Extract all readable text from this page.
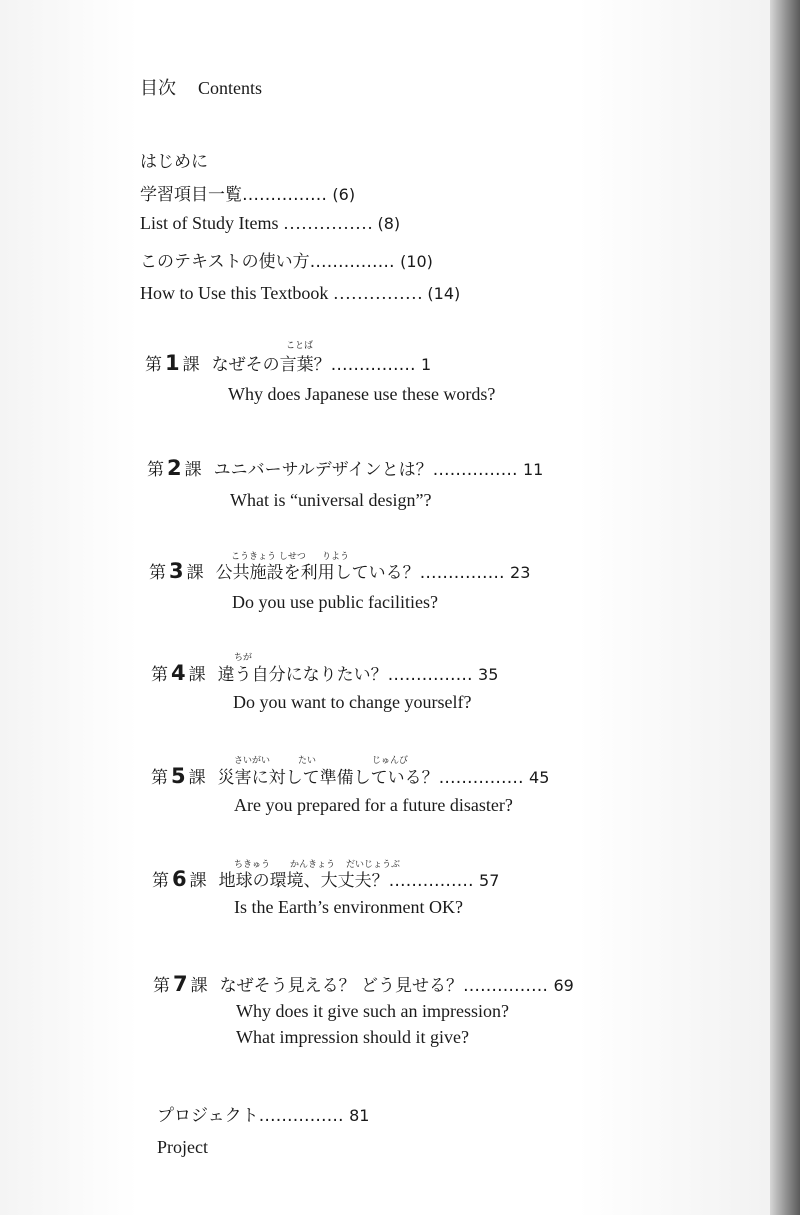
目次 Contents
はじめに
学習項目一覧…………… (6)
List of Study Items …………… (8)
このテキストの使い方…………… (10)
How to Use this Textbook …………… (14)
ことば
第 1 課 なぜその言葉？…………… 1
Why does Japanese use these words?
第 2 課 ユニバーサルデザインとは？…………… 11
What is “universal design”?
こうきょう しせつ りよう
第 3 課 公共施設を利用している？…………… 23
Do you use public facilities?
ちが
第 4 課 違う自分になりたい？…………… 35
Do you want to change yourself?
さいがい	たい	じゅんび
第 5 課 災害に対して準備している？…………… 45
Are you prepared for a future disaster?
ちきゅう かんきょう だいじょうぶ
第 6 課 地球の環境、大丈夫？…………… 57
Is the Earth’s environment OK?
第 7 課 なぜそう見える？ どう見せる？…………… 69
Why does it give such an impression?
What impression should it give?
プロジェクト…………… 81
Project
